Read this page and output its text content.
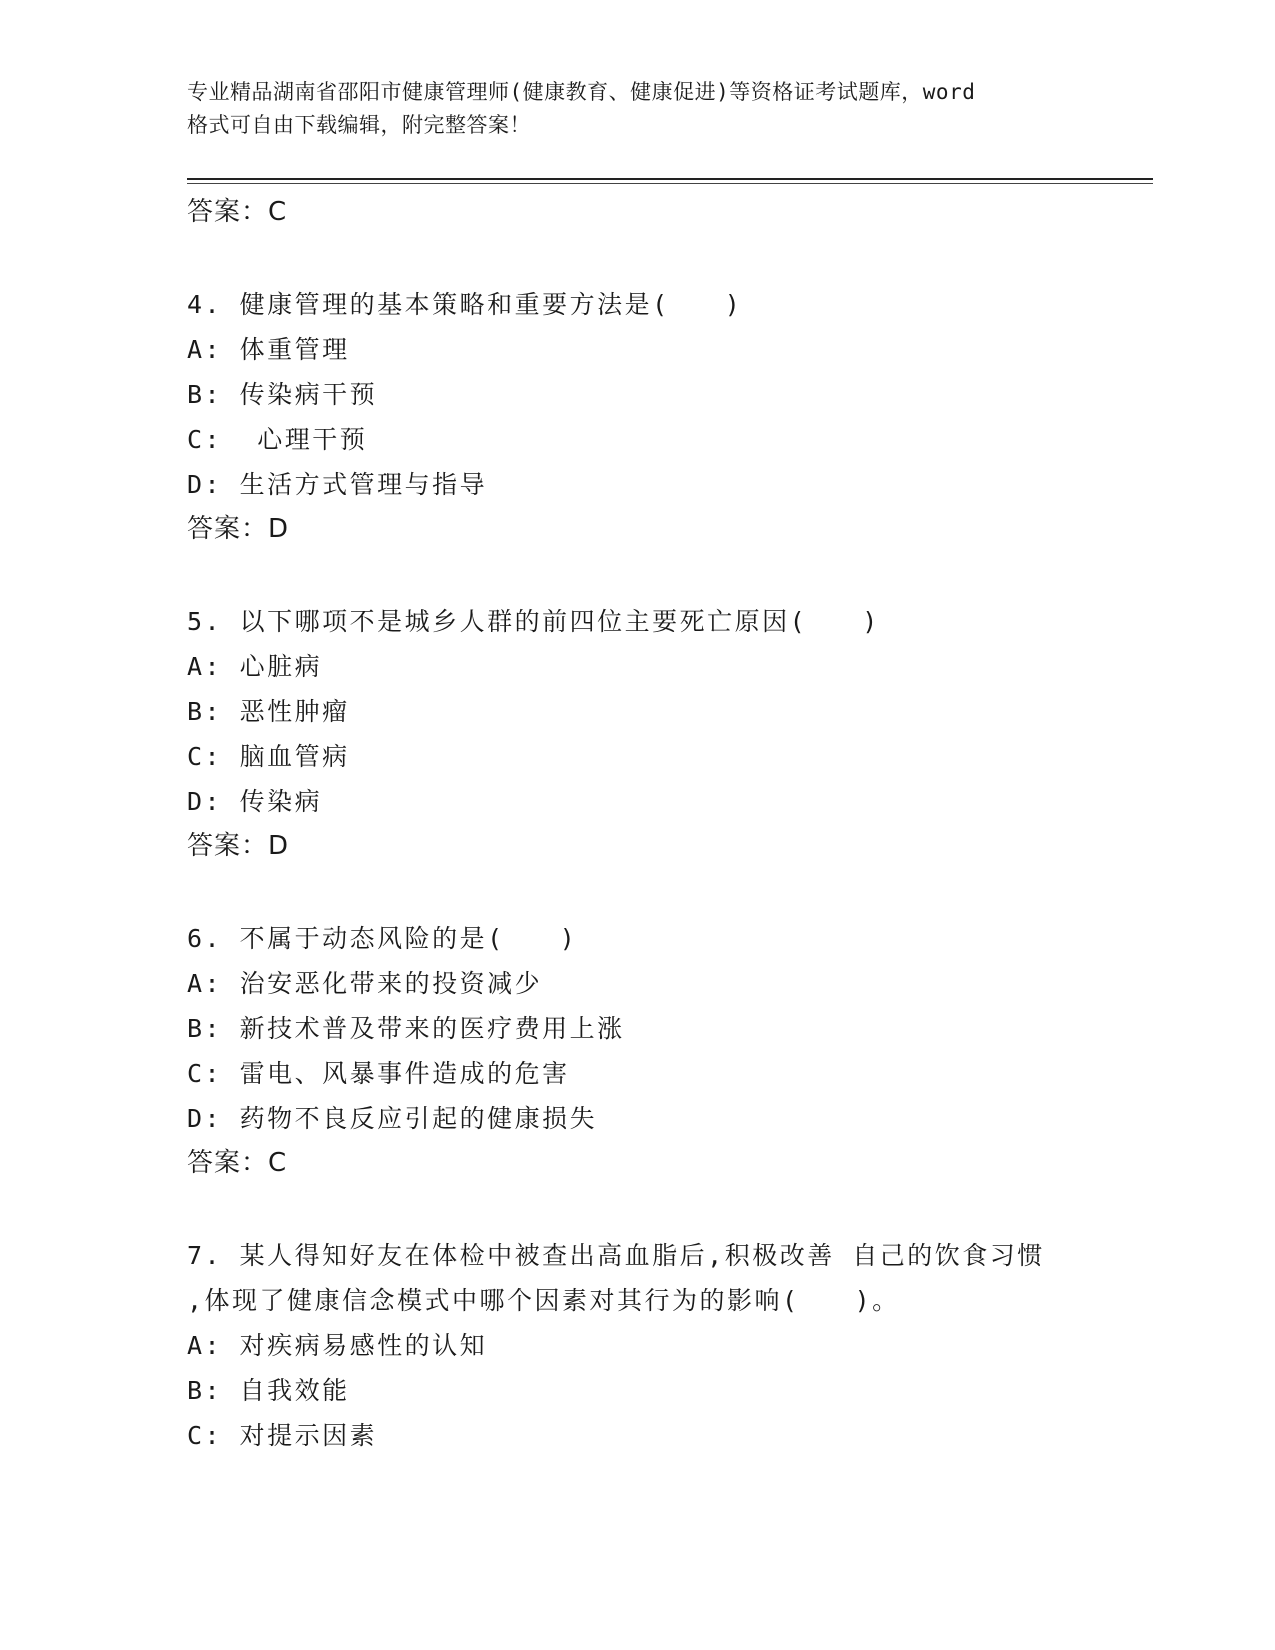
专业精品湖南省邵阳市健康管理师(健康教育、健康促进)等资格证考试题库，word
格式可自由下载编辑，附完整答案！
答案：C
4. 健康管理的基本策略和重要方法是(　　)
A: 体重管理
B: 传染病干预
C:  心理干预
D: 生活方式管理与指导
答案：D
5. 以下哪项不是城乡人群的前四位主要死亡原因(　　)
A: 心脏病
B: 恶性肿瘤
C: 脑血管病
D: 传染病
答案：D
6. 不属于动态风险的是(　　)
A: 治安恶化带来的投资减少
B: 新技术普及带来的医疗费用上涨
C: 雷电、风暴事件造成的危害
D: 药物不良反应引起的健康损失
答案：C
7. 某人得知好友在体检中被查出高血脂后,积极改善 自己的饮食习惯
,体现了健康信念模式中哪个因素对其行为的影响(　　)。
A: 对疾病易感性的认知
B: 自我效能
C: 对提示因素
